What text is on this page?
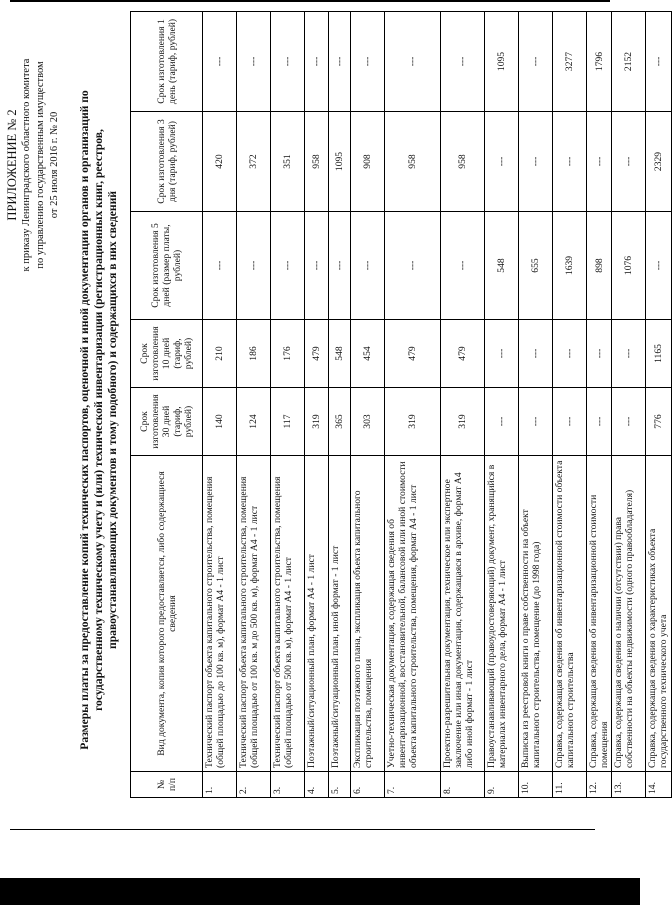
ПРИЛОЖЕНИЕ № 2 к приказу Ленинградского областного комитета по управлению государственным имуществом от 25 июля 2016 г. № 20 Размеры платы за предоставление копий технических паспортов, оценочной и иной документации органов и организаций по государственному техническому учету и (или) технической инвентаризации (регистрационных книг, реестров, правоустанавливающих документов и тому подобного) и содержащихся в них сведений
№ п/п	Вид документа, копия которого предоставляется, либо содержащиеся сведения	Срок изготовления 30 дней (тариф, рублей)	Срок изготовления 10 дней (тариф, рублей)	Срок изготовления 5 дней (размер платы, рублей)	Срок изготовления 3 дня (тариф, рублей)	Срок изготовления 1 день (тариф, рублей)
1.	Технический паспорт объекта капитального строительства, помещения (общей площадью до 100 кв. м), формат А4 - 1 лист	140	210	---	420	---
2.	Технический паспорт объекта капитального строительства, помещения (общей площадью от 100 кв. м до 500 кв. м), формат А4 - 1 лист	124	186	---	372	---
3.	Технический паспорт объекта капитального строительства, помещения (общей площадью от 500 кв. м), формат А4 - 1 лист	117	176	---	351	---
4.	Поэтажный/ситуационный план, формат А4 - 1 лист	319	479	---	958	---
5.	Поэтажный/ситуационный план, иной формат - 1 лист	365	548	---	1095	---
6.	Экспликация поэтажного плана, экспликация объекта капитального строительства, помещения	303	454	---	908	---
7.	Учетно-техническая документация, содержащая сведения об инвентаризационной, восстановительной, балансовой или иной стоимости объекта капитального строительства, помещения, формат А4 - 1 лист	319	479	---	958	---
8.	Проектно-разрешительная документация, техническое или экспертное заключение или иная документация, содержащаяся в архиве, формат А4 либо иной формат - 1 лист	319	479	---	958	---
9.	Правоустанавливающий (правоудостоверяющий) документ, хранящийся в материалах инвентарного дела, формат А4 - 1 лист	---	---	548	---	1095
10.	Выписка из реестровой книги о праве собственности на объект капитального строительства, помещение (до 1998 года)	---	---	655	---	---
11.	Справка, содержащая сведения об инвентаризационной стоимости объекта капитального строительства	---	---	1639	---	3277
12.	Справка, содержащая сведения об инвентаризационной стоимости помещения	---	---	898	---	1796
13.	Справка, содержащая сведения о наличии (отсутствии) права собственности на объекты недвижимости (одного правообладателя)	---	---	1076	---	2152
14.	Справка, содержащая сведения о характеристиках объекта государственного технического учета	776	1165	---	2329	---
